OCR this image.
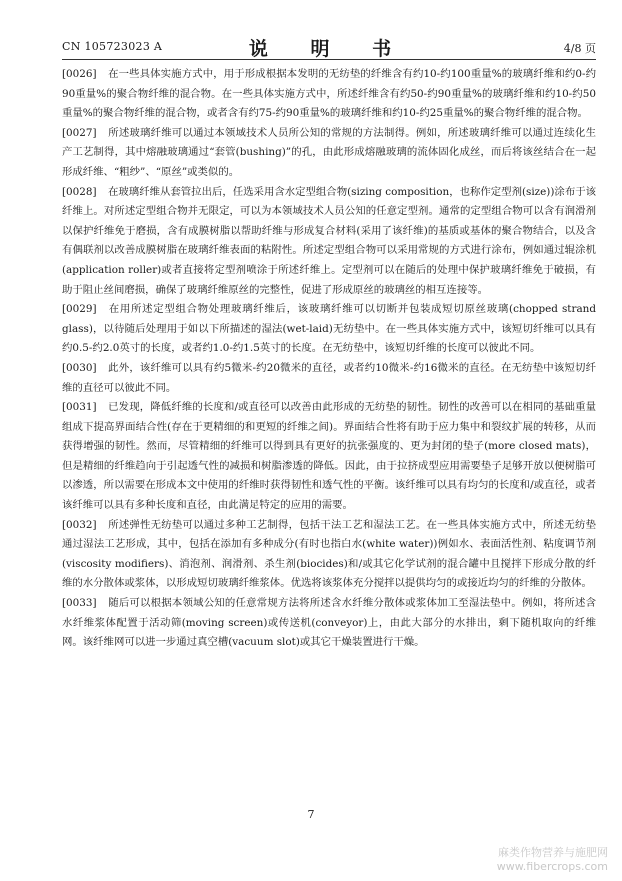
CN 105723023 A	说 明 书	4/8 页

[0026] 在一些具体实施方式中，用于形成根据本发明的无纺垫的纤维含有约10-约100重量%的玻璃纤维和约0-约90重量%的聚合物纤维的混合物。在一些具体实施方式中，所述纤维含有约50-约90重量%的玻璃纤维和约10-约50重量%的聚合物纤维的混合物，或者含有约75-约90重量%的玻璃纤维和约10-约25重量%的聚合物纤维的混合物。

[0027] 所述玻璃纤维可以通过本领域技术人员所公知的常规的方法制得。例如，所述玻璃纤维可以通过连续化生产工艺制得，其中熔融玻璃通过“套管(bushing)”的孔，由此形成熔融玻璃的流体固化成丝，而后将该丝结合在一起形成纤维、“粗纱”、“原丝”或类似的。

[0028] 在玻璃纤维从套管拉出后，任选采用含水定型组合物(sizing composition，也称作定型剂(size))涂布于该纤维上。对所述定型组合物并无限定，可以为本领域技术人员公知的任意定型剂。通常的定型组合物可以含有润滑剂以保护纤维免于磨损，含有成膜树脂以帮助纤维与形成复合材料(采用了该纤维)的基质或基体的聚合物结合，以及含有偶联剂以改善成膜树脂在玻璃纤维表面的粘附性。所述定型组合物可以采用常规的方式进行涂布，例如通过辊涂机(application roller)或者直接将定型剂喷涂于所述纤维上。定型剂可以在随后的处理中保护玻璃纤维免于破损，有助于阻止丝间磨损，确保了玻璃纤维原丝的完整性，促进了形成原丝的玻璃丝的相互连接等。

[0029] 在用所述定型组合物处理玻璃纤维后，该玻璃纤维可以切断并包装成短切原丝玻璃(chopped strand glass)，以待随后处理用于如以下所描述的湿法(wet-laid)无纺垫中。在一些具体实施方式中，该短切纤维可以具有约0.5-约2.0英寸的长度，或者约1.0-约1.5英寸的长度。在无纺垫中，该短切纤维的长度可以彼此不同。

[0030] 此外，该纤维可以具有约5微米-约20微米的直径，或者约10微米-约16微米的直径。在无纺垫中该短切纤维的直径可以彼此不同。

[0031] 已发现，降低纤维的长度和/或直径可以改善由此形成的无纺垫的韧性。韧性的改善可以在相同的基础重量组成下提高界面结合性(存在于更精细的和更短的纤维之间)。界面结合性将有助于应力集中和裂纹扩展的转移，从而获得增强的韧性。然而，尽管精细的纤维可以得到具有更好的抗张强度的、更为封闭的垫子(more closed mats)，但是精细的纤维趋向于引起透气性的减损和树脂渗透的降低。因此，由于拉挤成型应用需要垫子足够开放以便树脂可以渗透，所以需要在形成本文中使用的纤维时获得韧性和透气性的平衡。该纤维可以具有均匀的长度和/或直径，或者该纤维可以具有多种长度和直径，由此满足特定的应用的需要。

[0032] 所述弹性无纺垫可以通过多种工艺制得，包括干法工艺和湿法工艺。在一些具体实施方式中，所述无纺垫通过湿法工艺形成，其中，包括在添加有多种成分(有时也指白水(white water))例如水、表面活性剂、粘度调节剂(viscosity modifiers)、消泡剂、润滑剂、杀生剂(biocides)和/或其它化学试剂的混合罐中且搅拌下形成分散的纤维的水分散体或浆体，以形成短切玻璃纤维浆体。优选将该浆体充分搅拌以提供均匀的或接近均匀的纤维的分散体。

[0033] 随后可以根据本领域公知的任意常规方法将所述含水纤维分散体或浆体加工至湿法垫中。例如，将所述含水纤维浆体配置于活动筛(moving screen)或传送机(conveyor)上，由此大部分的水排出，剩下随机取向的纤维网。该纤维网可以进一步通过真空槽(vacuum slot)或其它干燥装置进行干燥。

7
麻类作物营养与施肥网
www.fibercrops.com
